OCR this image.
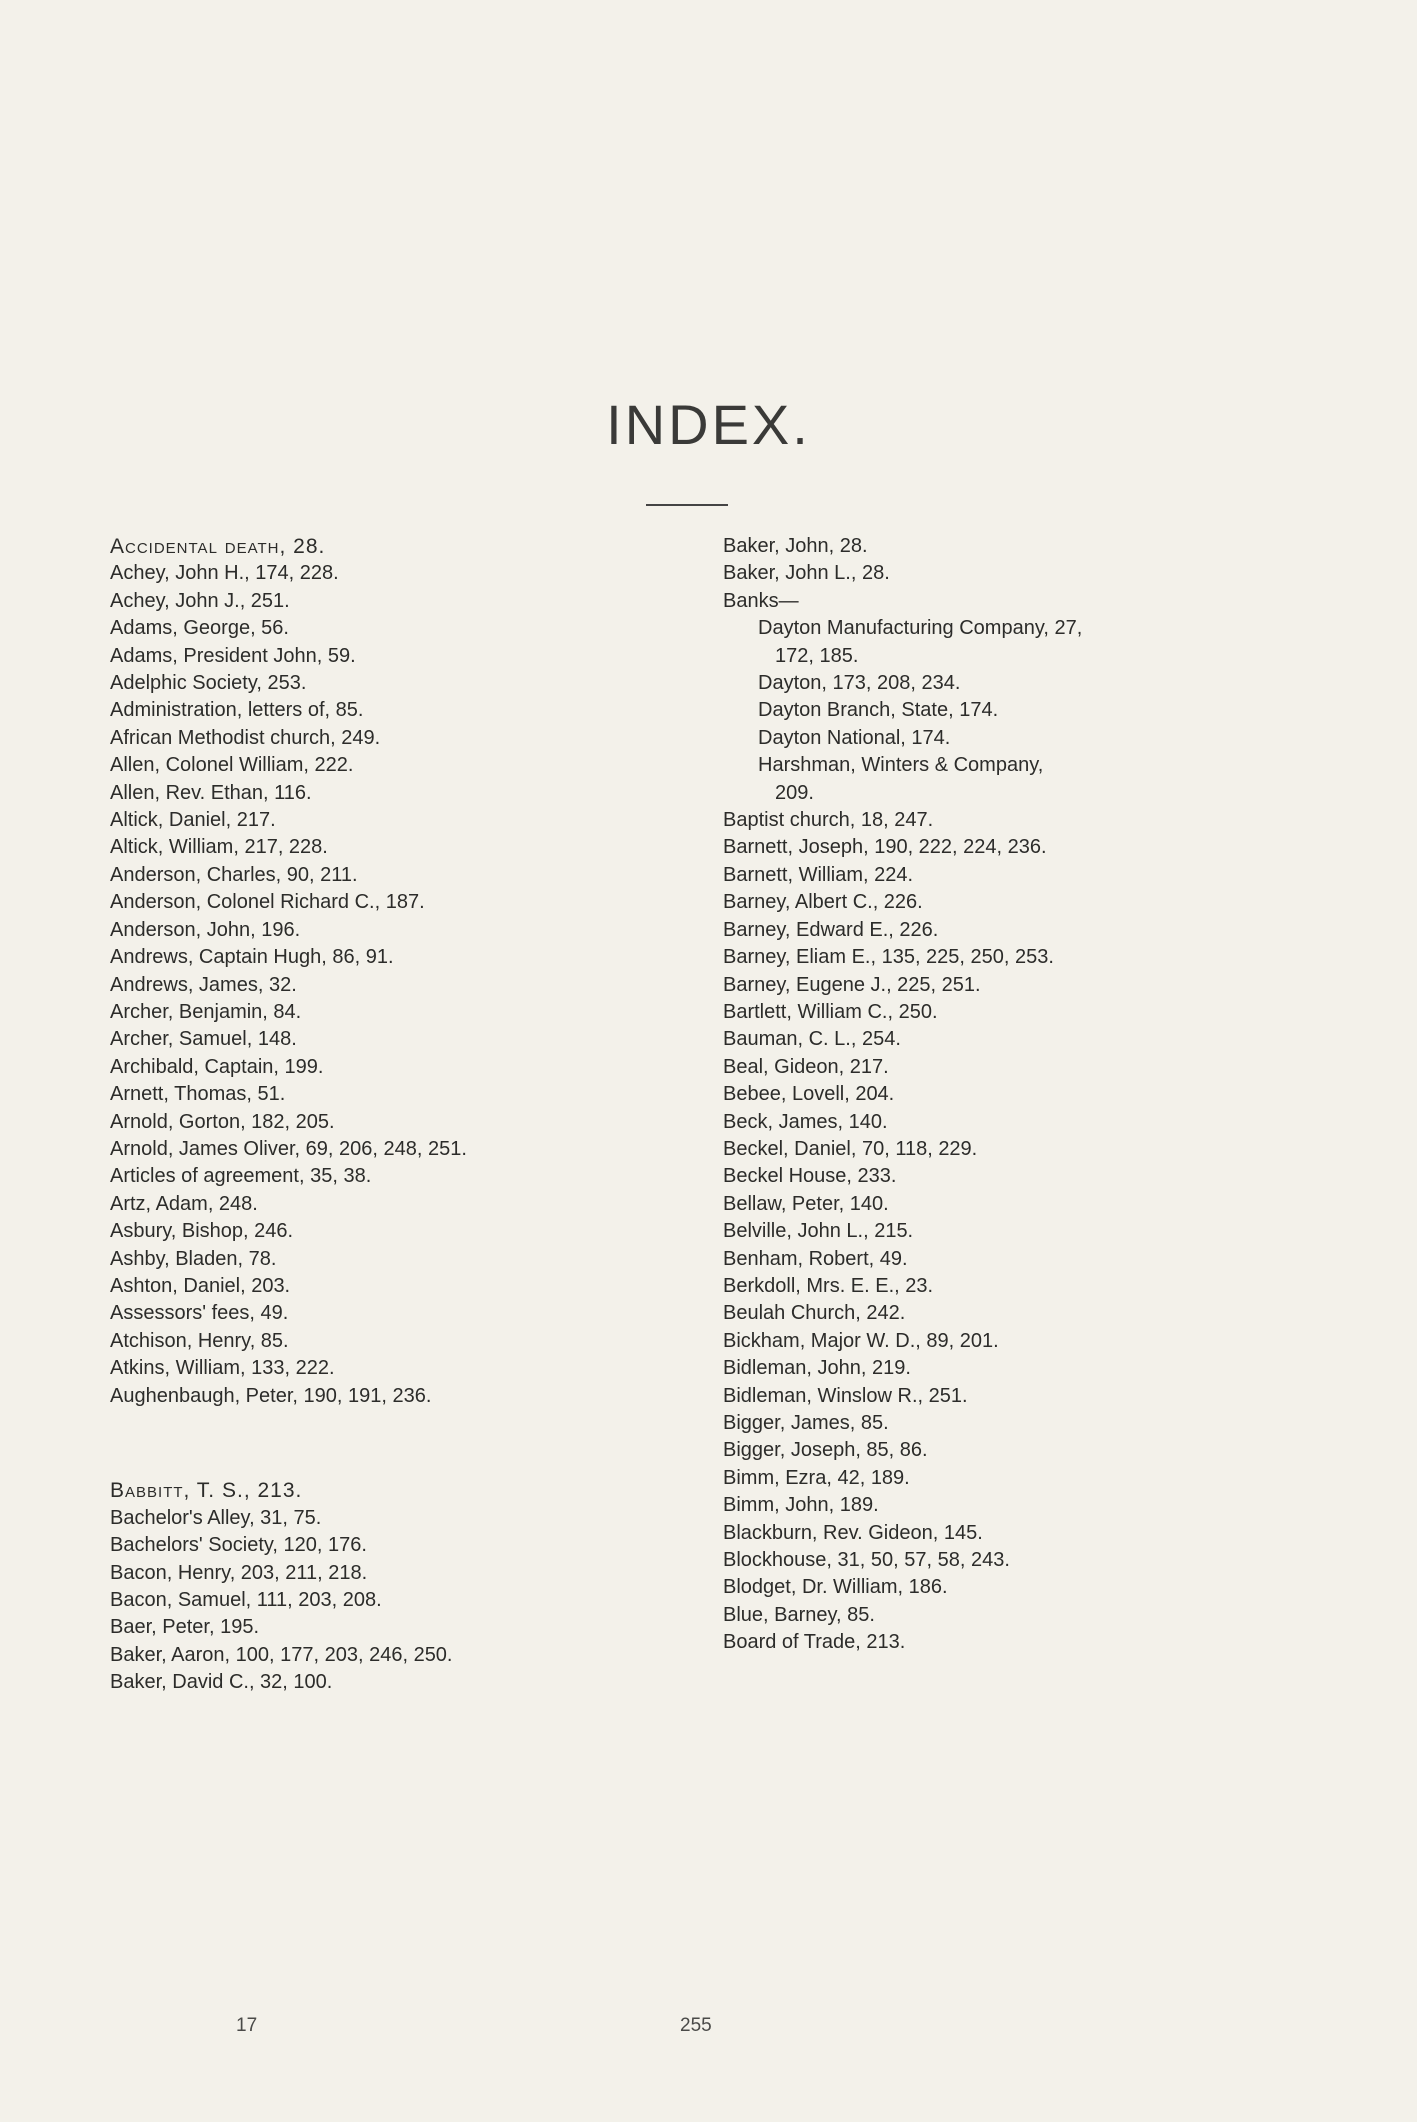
INDEX.

Accidental death, 28.

Achey, John H., 174, 228.

Achey, John J., 251.

Adams, George, 56.

Adams, President John, 59.

Adelphic Society, 253.

Administration, letters of, 85.

African Methodist church, 249.

Allen, Colonel William, 222.

Allen, Rev. Ethan, 116.

Altick, Daniel, 217.

Altick, William, 217, 228.

Anderson, Charles, 90, 211.

Anderson, Colonel Richard C., 187.

Anderson, John, 196.

Andrews, Captain Hugh, 86, 91.

Andrews, James, 32.

Archer, Benjamin, 84.

Archer, Samuel, 148.

Archibald, Captain, 199.

Arnett, Thomas, 51.

Arnold, Gorton, 182, 205.

Arnold, James Oliver, 69, 206, 248, 251.

Articles of agreement, 35, 38.

Artz, Adam, 248.

Asbury, Bishop, 246.

Ashby, Bladen, 78.

Ashton, Daniel, 203.

Assessors' fees, 49.

Atchison, Henry, 85.

Atkins, William, 133, 222.

Aughenbaugh, Peter, 190, 191, 236.

Babbitt, T. S., 213.

Bachelor's Alley, 31, 75.

Bachelors' Society, 120, 176.

Bacon, Henry, 203, 211, 218.

Bacon, Samuel, 111, 203, 208.

Baer, Peter, 195.

Baker, Aaron, 100, 177, 203, 246, 250.

Baker, David C., 32, 100.

Baker, John, 28.

Baker, John L., 28.

Banks—

Dayton Manufacturing Company, 27,

172, 185.

Dayton, 173, 208, 234.

Dayton Branch, State, 174.

Dayton National, 174.

Harshman, Winters & Company,

209.

Baptist church, 18, 247.

Barnett, Joseph, 190, 222, 224, 236.

Barnett, William, 224.

Barney, Albert C., 226.

Barney, Edward E., 226.

Barney, Eliam E., 135, 225, 250, 253.

Barney, Eugene J., 225, 251.

Bartlett, William C., 250.

Bauman, C. L., 254.

Beal, Gideon, 217.

Bebee, Lovell, 204.

Beck, James, 140.

Beckel, Daniel, 70, 118, 229.

Beckel House, 233.

Bellaw, Peter, 140.

Belville, John L., 215.

Benham, Robert, 49.

Berkdoll, Mrs. E. E., 23.

Beulah Church, 242.

Bickham, Major W. D., 89, 201.

Bidleman, John, 219.

Bidleman, Winslow R., 251.

Bigger, James, 85.

Bigger, Joseph, 85, 86.

Bimm, Ezra, 42, 189.

Bimm, John, 189.

Blackburn, Rev. Gideon, 145.

Blockhouse, 31, 50, 57, 58, 243.

Blodget, Dr. William, 186.

Blue, Barney, 85.

Board of Trade, 213.

17	255
